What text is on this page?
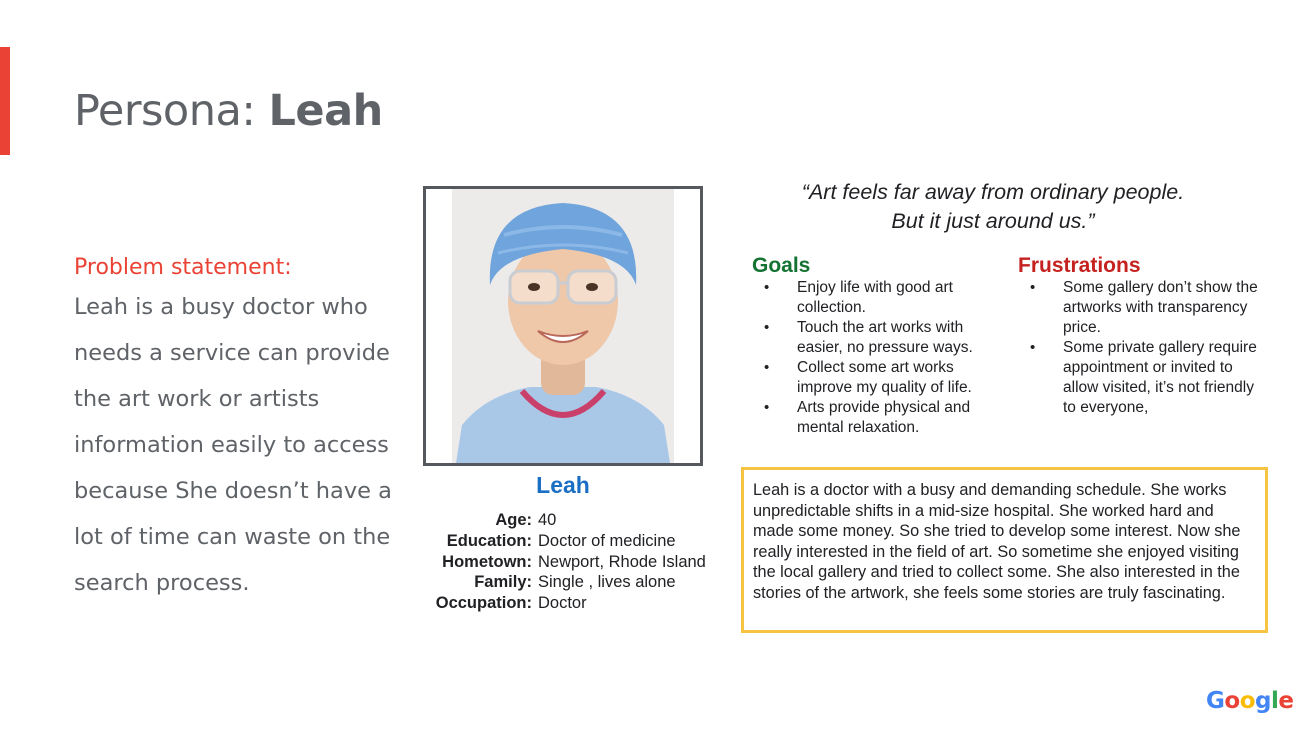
Persona: Leah
Problem statement:
Leah is a busy doctor who needs a service can provide the art work or artists information easily to access because She doesn’t have a lot of time can waste on the search process.
Leah
Age: 40
Education: Doctor of medicine
Hometown: Newport, Rhode Island
Family: Single , lives alone
Occupation: Doctor
“Art feels far away from ordinary people.
But it just around us.”
Goals
• Enjoy life with good art collection.
• Touch the art works with easier, no pressure ways.
• Collect some art works improve my quality of life.
• Arts provide physical and mental relaxation.
Frustrations
• Some gallery don’t show the artworks with transparency price.
• Some private gallery require appointment or invited to allow visited, it’s not friendly to everyone,
Leah is a doctor with a busy and demanding schedule. She works unpredictable shifts in a mid-size hospital. She worked hard and made some money. So she tried to develop some interest. Now she really interested in the field of art. So sometime she enjoyed visiting the local gallery and tried to collect some. She also interested in the stories of the artwork, she feels some stories are truly fascinating.
Google
